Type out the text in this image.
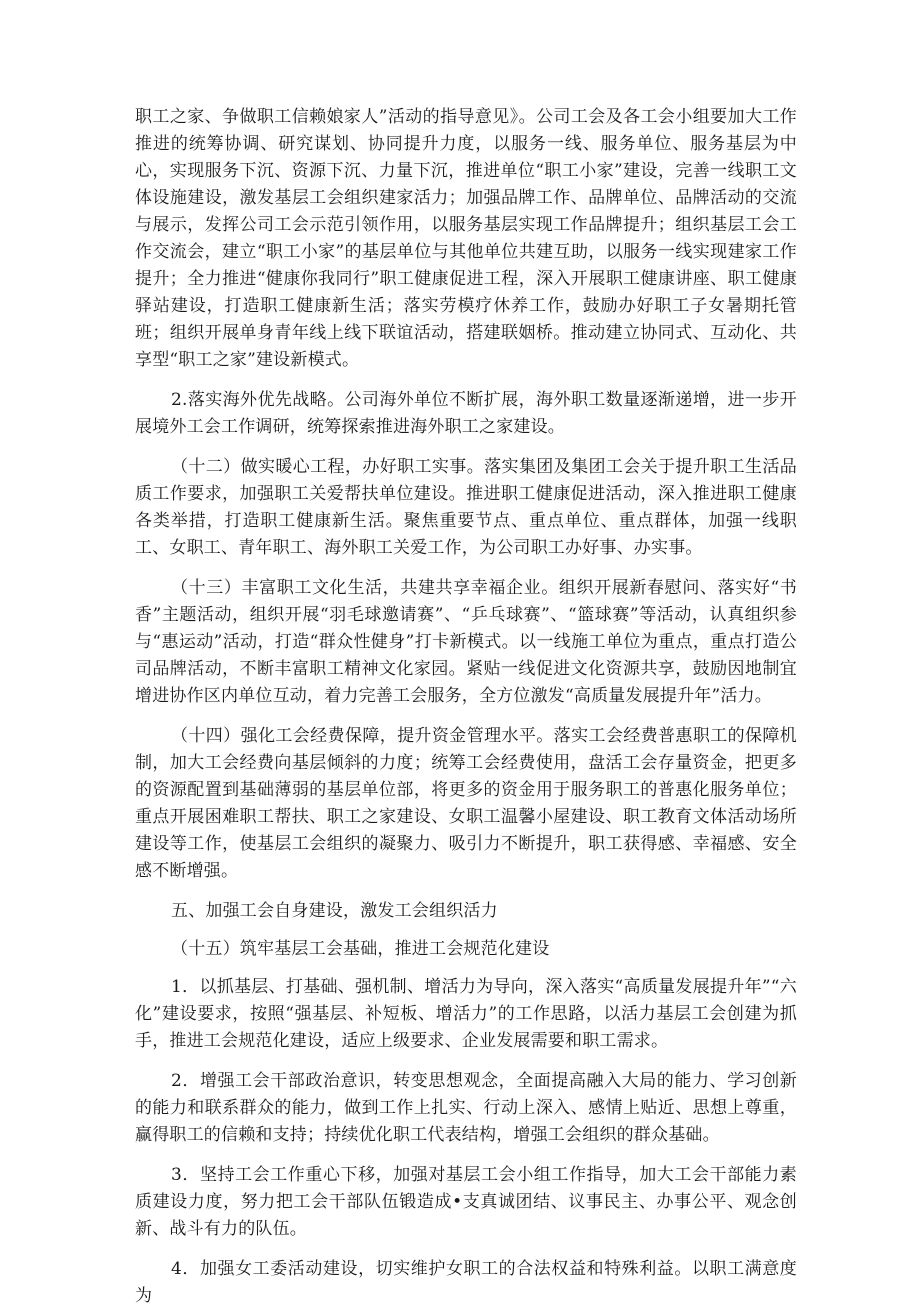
职工之家、争做职工信赖娘家人”活动的指导意见》。公司工会及各工会小组要加大工作推进的统筹协调、研究谋划、协同提升力度，以服务一线、服务单位、服务基层为中心，实现服务下沉、资源下沉、力量下沉，推进单位“职工小家”建设，完善一线职工文体设施建设，激发基层工会组织建家活力；加强品牌工作、品牌单位、品牌活动的交流与展示，发挥公司工会示范引领作用，以服务基层实现工作品牌提升；组织基层工会工作交流会，建立“职工小家”的基层单位与其他单位共建互助，以服务一线实现建家工作提升；全力推进“健康你我同行”职工健康促进工程，深入开展职工健康讲座、职工健康驿站建设，打造职工健康新生活；落实劳模疗休养工作，鼓励办好职工子女暑期托管班；组织开展单身青年线上线下联谊活动，搭建联姻桥。推动建立协同式、互动化、共享型“职工之家”建设新模式。

2.落实海外优先战略。公司海外单位不断扩展，海外职工数量逐渐递增，进一步开展境外工会工作调研，统筹探索推进海外职工之家建设。

（十二）做实暖心工程，办好职工实事。落实集团及集团工会关于提升职工生活品质工作要求，加强职工关爱帮扶单位建设。推进职工健康促进活动，深入推进职工健康各类举措，打造职工健康新生活。聚焦重要节点、重点单位、重点群体，加强一线职工、女职工、青年职工、海外职工关爱工作，为公司职工办好事、办实事。

（十三）丰富职工文化生活，共建共享幸福企业。组织开展新春慰问、落实好“书香”主题活动，组织开展“羽毛球邀请赛”、“乒乓球赛”、“篮球赛”等活动，认真组织参与“惠运动”活动，打造“群众性健身”打卡新模式。以一线施工单位为重点，重点打造公司品牌活动，不断丰富职工精神文化家园。紧贴一线促进文化资源共享，鼓励因地制宜增进协作区内单位互动，着力完善工会服务，全方位激发“高质量发展提升年”活力。

（十四）强化工会经费保障，提升资金管理水平。落实工会经费普惠职工的保障机制，加大工会经费向基层倾斜的力度；统筹工会经费使用，盘活工会存量资金，把更多的资源配置到基础薄弱的基层单位部，将更多的资金用于服务职工的普惠化服务单位；重点开展困难职工帮扶、职工之家建设、女职工温馨小屋建设、职工教育文体活动场所建设等工作，使基层工会组织的凝聚力、吸引力不断提升，职工获得感、幸福感、安全感不断增强。

五、加强工会自身建设，激发工会组织活力

（十五）筑牢基层工会基础，推进工会规范化建设

1．以抓基层、打基础、强机制、增活力为导向，深入落实“高质量发展提升年”“六化”建设要求，按照“强基层、补短板、增活力”的工作思路，以活力基层工会创建为抓手，推进工会规范化建设，适应上级要求、企业发展需要和职工需求。

2．增强工会干部政治意识，转变思想观念，全面提高融入大局的能力、学习创新的能力和联系群众的能力，做到工作上扎实、行动上深入、感情上贴近、思想上尊重，赢得职工的信赖和支持；持续优化职工代表结构，增强工会组织的群众基础。

3．坚持工会工作重心下移，加强对基层工会小组工作指导，加大工会干部能力素质建设力度，努力把工会干部队伍锻造成•支真诚团结、议事民主、办事公平、观念创新、战斗有力的队伍。

4．加强女工委活动建设，切实维护女职工的合法权益和特殊利益。以职工满意度为
